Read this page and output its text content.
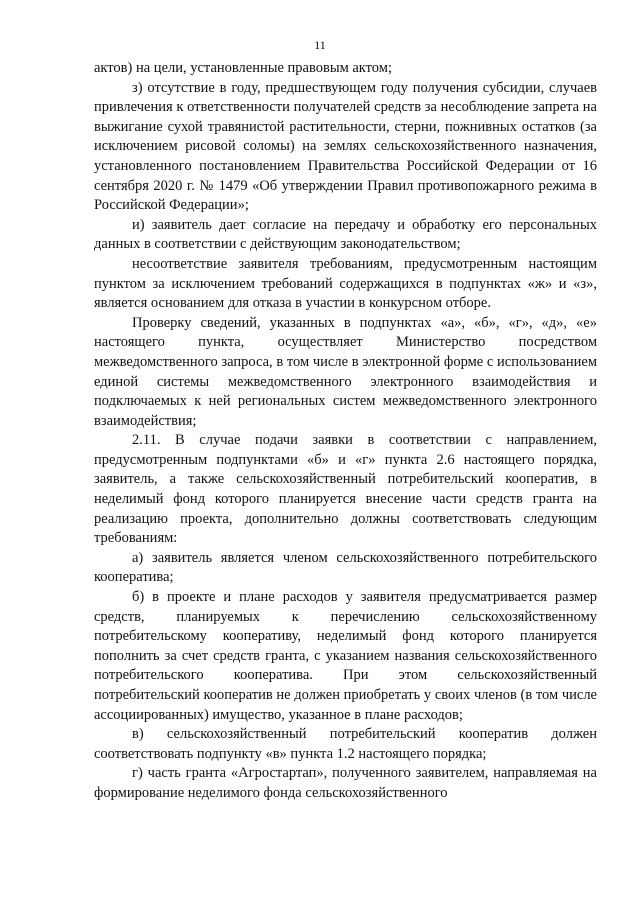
11

актов) на цели, установленные правовым актом;

з) отсутствие в году, предшествующем году получения субсидии, случаев привлечения к ответственности получателей средств за несоблюдение запрета на выжигание сухой травянистой растительности, стерни, пожнивных остатков (за исключением рисовой соломы) на землях сельскохозяйственного назначения, установленного постановлением Правительства Российской Федерации от 16 сентября 2020 г. № 1479 «Об утверждении Правил противопожарного режима в Российской Федерации»;

и) заявитель дает согласие на передачу и обработку его персональных данных в соответствии с действующим законодательством;

несоответствие заявителя требованиям, предусмотренным настоящим пунктом за исключением требований содержащихся в подпунктах «ж» и «з», является основанием для отказа в участии в конкурсном отборе.

Проверку сведений, указанных в подпунктах «а», «б», «г», «д», «е» настоящего пункта, осуществляет Министерство посредством межведомственного запроса, в том числе в электронной форме с использованием единой системы межведомственного электронного взаимодействия и подключаемых к ней региональных систем межведомственного электронного взаимодействия;

2.11. В случае подачи заявки в соответствии с направлением, предусмотренным подпунктами «б» и «г» пункта 2.6 настоящего порядка, заявитель, а также сельскохозяйственный потребительский кооператив, в неделимый фонд которого планируется внесение части средств гранта на реализацию проекта, дополнительно должны соответствовать следующим требованиям:

а) заявитель является членом сельскохозяйственного потребительского кооператива;

б) в проекте и плане расходов у заявителя предусматривается размер средств, планируемых к перечислению сельскохозяйственному потребительскому кооперативу, неделимый фонд которого планируется пополнить за счет средств гранта, с указанием названия сельскохозяйственного потребительского кооператива. При этом сельскохозяйственный потребительский кооператив не должен приобретать у своих членов (в том числе ассоциированных) имущество, указанное в плане расходов;

в) сельскохозяйственный потребительский кооператив должен соответствовать подпункту «в» пункта 1.2 настоящего порядка;

г) часть гранта «Агростартап», полученного заявителем, направляемая на формирование неделимого фонда сельскохозяйственного
